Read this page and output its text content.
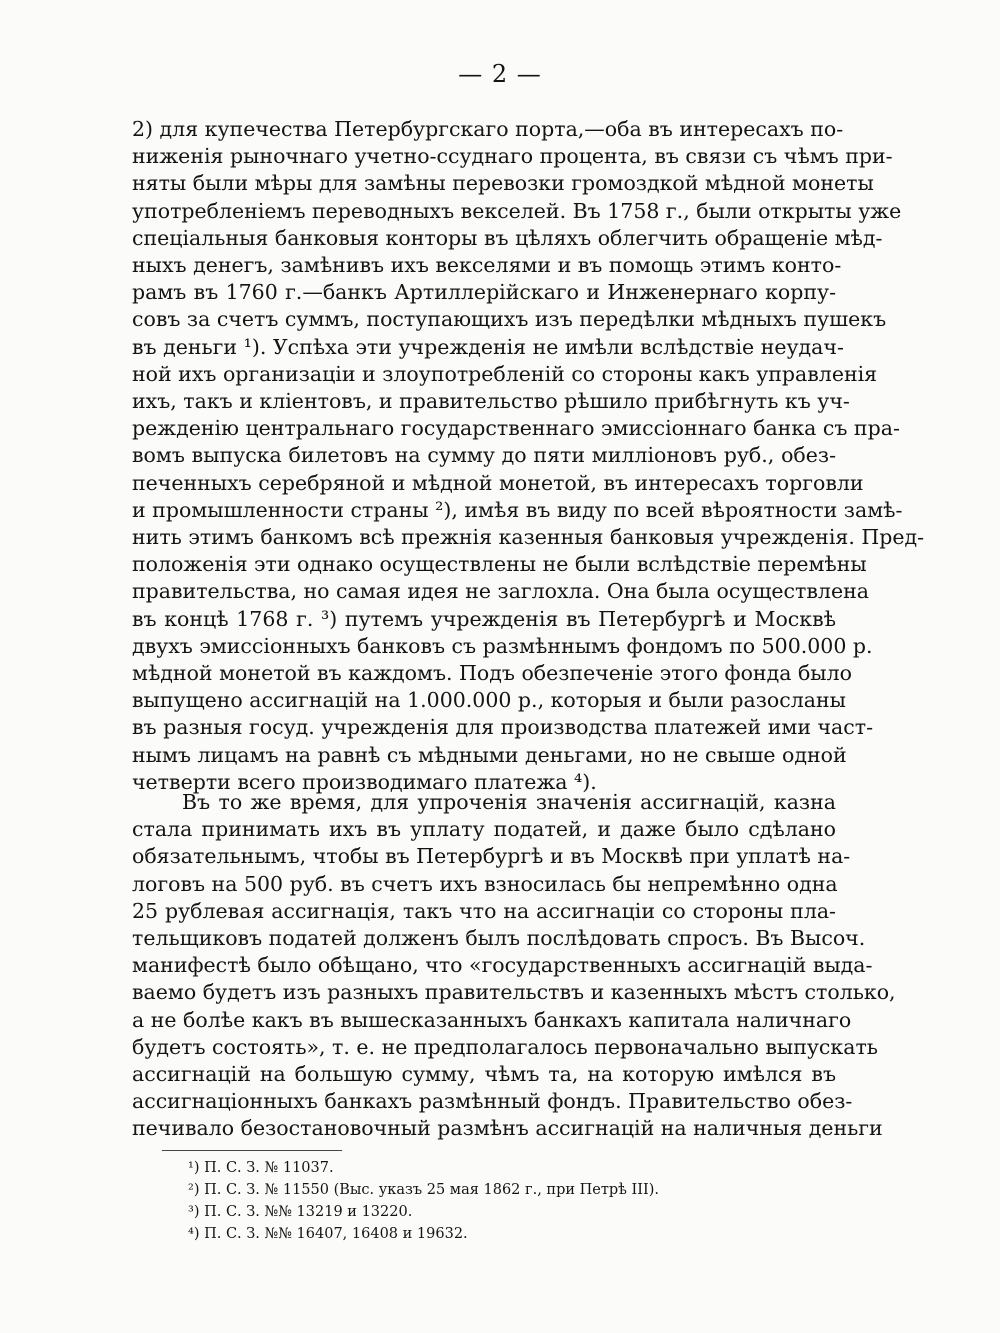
— 2 —
2) для купечества Петербургскаго порта,—оба въ интересахъ по-
ниженія рыночнаго учетно-ссуднаго процента, въ связи съ чѣмъ при-
няты были мѣры для замѣны перевозки громоздкой мѣдной монеты
употребленіемъ переводныхъ векселей. Въ 1758 г., были открыты уже
спеціальныя банковыя конторы въ цѣляхъ облегчить обращеніе мѣд-
ныхъ денегъ, замѣнивъ ихъ векселями и въ помощь этимъ конто-
рамъ въ 1760 г.—банкъ Артиллерійскаго и Инженернаго корпу-
совъ за счетъ суммъ, поступающихъ изъ передѣлки мѣдныхъ пушекъ
въ деньги ¹). Успѣха эти учрежденія не имѣли вслѣдствіе неудач-
ной ихъ организаціи и злоупотребленій со стороны какъ управленія
ихъ, такъ и кліентовъ, и правительство рѣшило прибѣгнуть къ уч-
режденію центральнаго государственнаго эмиссіоннаго банка съ пра-
вомъ выпуска билетовъ на сумму до пяти милліоновъ руб., обез-
печенныхъ серебряной и мѣдной монетой, въ интересахъ торговли
и промышленности страны ²), имѣя въ виду по всей вѣроятности замѣ-
нить этимъ банкомъ всѣ прежнія казенныя банковыя учрежденія. Пред-
положенія эти однако осуществлены не были вслѣдствіе перемѣны
правительства, но самая идея не заглохла. Она была осуществлена
въ концѣ 1768 г. ³) путемъ учрежденія въ Петербургѣ и Москвѣ
двухъ эмиссіонныхъ банковъ съ размѣннымъ фондомъ по 500.000 р.
мѣдной монетой въ каждомъ. Подъ обезпеченіе этого фонда было
выпущено ассигнацій на 1.000.000 р., которыя и были разосланы
въ разныя госуд. учрежденія для производства платежей ими част-
нымъ лицамъ на равнѣ съ мѣдными деньгами, но не свыше одной
четверти всего производимаго платежа ⁴).
Въ то же время, для упроченія значенія ассигнацій, казна
стала принимать ихъ въ уплату податей, и даже было сдѣлано
обязательнымъ, чтобы въ Петербургѣ и въ Москвѣ при уплатѣ на-
логовъ на 500 руб. въ счетъ ихъ взносилась бы непремѣнно одна
25 рублевая ассигнація, такъ что на ассигнаціи со стороны пла-
тельщиковъ податей долженъ былъ послѣдовать спросъ. Въ Высоч.
манифестѣ было обѣщано, что «государственныхъ ассигнацій выда-
ваемо будетъ изъ разныхъ правительствъ и казенныхъ мѣстъ столько,
а не болѣе какъ въ вышесказанныхъ банкахъ капитала наличнаго
будетъ состоять», т. е. не предполагалось первоначально выпускать
ассигнацій на большую сумму, чѣмъ та, на которую имѣлся въ
ассигнаціонныхъ банкахъ размѣнный фондъ. Правительство обез-
печивало безостановочный размѣнъ ассигнацій на наличныя деньги
¹) П. С. З. № 11037.
²) П. С. З. № 11550 (Выс. указъ 25 мая 1862 г., при Петрѣ III).
³) П. С. З. №№ 13219 и 13220.
⁴) П. С. З. №№ 16407, 16408 и 19632.
